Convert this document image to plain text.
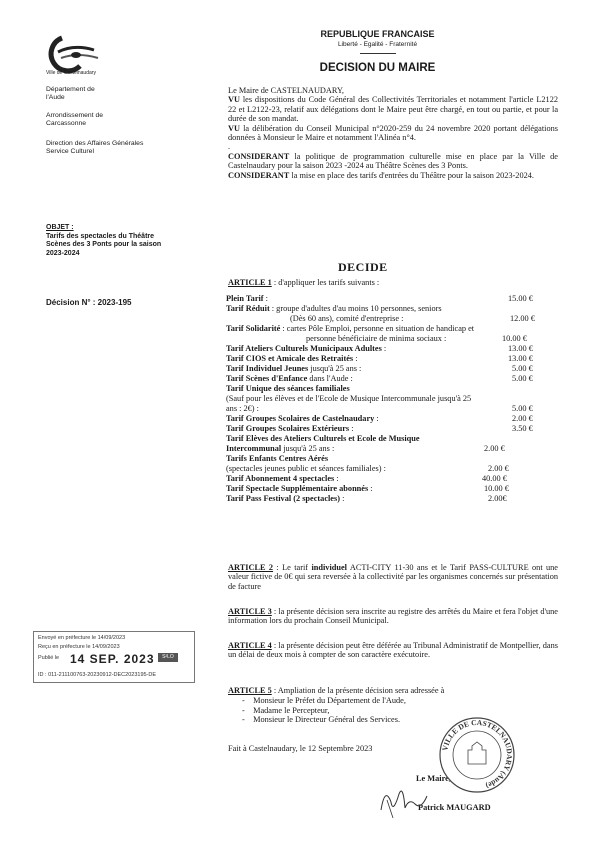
Ville de Castelnaudary
REPUBLIQUE FRANCAISE
Liberté - Egalité - Fraternité
DECISION DU MAIRE
Département de
l'Aude
Arrondissement de
Carcassonne
Direction des Affaires Générales
Service Culturel
OBJET :
Tarifs des spectacles du Théâtre
Scènes des 3 Ponts pour la saison
2023-2024
Décision N° : 2023-195
Le Maire de CASTELNAUDARY,
VU les dispositions du Code Général des Collectivités Territoriales et notamment l'article L2122 22 et L2122-23, relatif aux délégations dont le Maire peut être chargé, en tout ou partie, et pour la durée de son mandat.
VU la délibération du Conseil Municipal n°2020-259 du 24 novembre 2020 portant délégations données à Monsieur le Maire et notamment l'Alinéa n°4.
.
CONSIDERANT la politique de programmation culturelle mise en place par la Ville de Castelnaudary pour la saison 2023 -2024 au Théâtre Scènes des 3 Ponts.
CONSIDERANT la mise en place des tarifs d'entrées du Théâtre pour la saison 2023-2024.
DECIDE
ARTICLE 1 : d'appliquer les tarifs suivants :
Plein Tarif :	15.00 €
Tarif Réduit : groupe d'adultes d'au moins 10 personnes, seniors
(Dès 60 ans), comité d'entreprise :	12.00 €
Tarif Solidarité : cartes Pôle Emploi, personne en situation de handicap et
personne bénéficiaire de minima sociaux :	10.00 €
Tarif Ateliers Culturels Municipaux Adultes :	13.00 €
Tarif CIOS et Amicale des Retraités :	13.00 €
Tarif Individuel Jeunes jusqu'à 25 ans :	5.00 €
Tarif Scènes d'Enfance dans l'Aude :	5.00 €
Tarif Unique des séances familiales
(Sauf pour les élèves et de l'Ecole de Musique Intercommunale jusqu'à 25
ans : 2€) :	5.00 €
Tarif Groupes Scolaires de Castelnaudary :	2.00 €
Tarif Groupes Scolaires Extérieurs :	3.50 €
Tarif Elèves des Ateliers Culturels et Ecole de Musique
Intercommunal jusqu'à 25 ans :	2.00 €
Tarifs Enfants Centres Aérés
(spectacles jeunes public et séances familiales) :	2.00 €
Tarif Abonnement 4 spectacles :	40.00 €
Tarif Spectacle Supplémentaire abonnés :	10.00 €
Tarif Pass Festival (2 spectacles) :	2.00€
ARTICLE 2 : Le tarif individuel ACTI-CITY 11-30 ans et le Tarif PASS-CULTURE ont une valeur fictive de 0€ qui sera reversée à la collectivité par les organismes concernés sur présentation de facture
ARTICLE 3 : la présente décision sera inscrite au registre des arrêtés du Maire et fera l'objet d'une information lors du prochain Conseil Municipal.
ARTICLE 4 : la présente décision peut être déférée au Tribunal Administratif de Montpellier, dans un délai de deux mois à compter de son caractère exécutoire.
ARTICLE 5 : Ampliation de la présente décision sera adressée à
-    Monsieur le Préfet du Département de l'Aude,
-    Madame le Percepteur,
-    Monsieur le Directeur Général des Services.
Fait à Castelnaudary, le 12 Septembre 2023
Le Maire,
Patrick MAUGARD
VILLE DE CASTELNAUDARY (Aude)
Envoyé en préfecture le 14/09/2023
Reçu en préfecture le 14/09/2023
Publié le
ID : 011-211100763-20230912-DEC2023195-DE
S²LO
14 SEP. 2023
